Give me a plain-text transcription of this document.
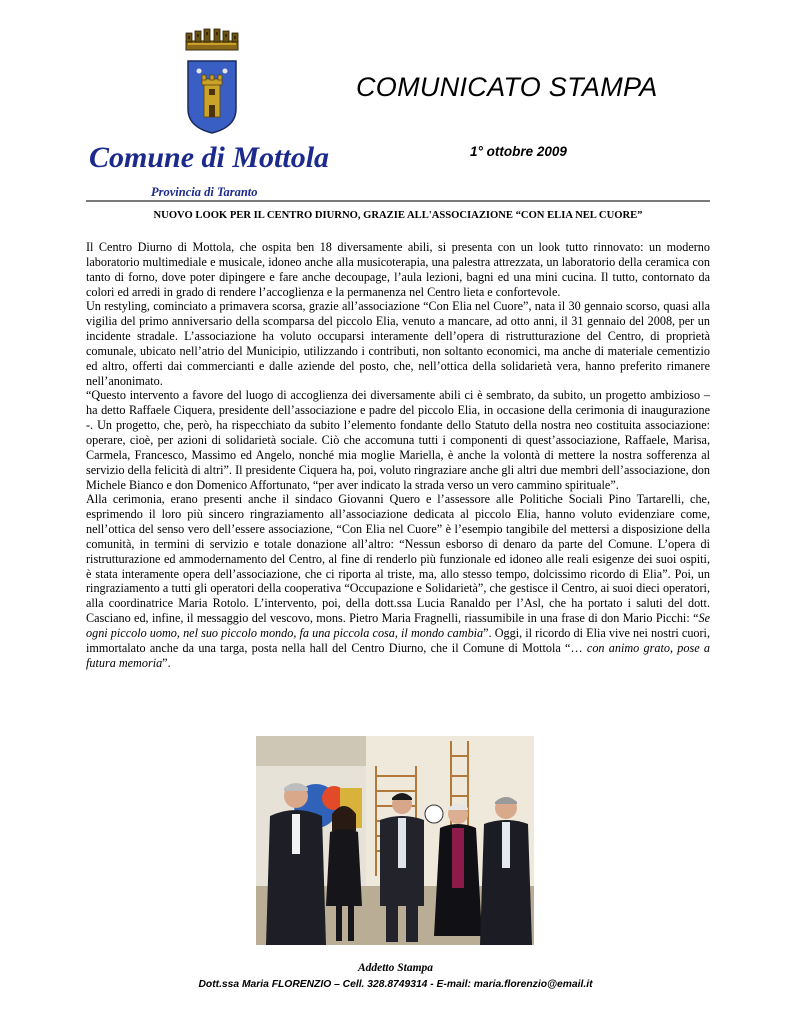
COMUNICATO STAMPA
1° ottobre 2009
Comune di Mottola
Provincia di Taranto
NUOVO LOOK PER IL CENTRO DIURNO, GRAZIE ALL'ASSOCIAZIONE “CON ELIA NEL CUORE”

Il Centro Diurno di Mottola, che ospita ben 18 diversamente abili, si presenta con un look tutto rinnovato: un moderno laboratorio multimediale e musicale, idoneo anche alla musicoterapia, una palestra attrezzata, un laboratorio della ceramica con tanto di forno, dove poter dipingere e fare anche decoupage, l’aula lezioni, bagni ed una mini cucina. Il tutto, contornato da colori ed arredi in grado di rendere l’accoglienza e la permanenza nel Centro lieta e confortevole.

Un restyling, cominciato a primavera scorsa, grazie all’associazione “Con Elia nel Cuore”, nata il 30 gennaio scorso, quasi alla vigilia del primo anniversario della scomparsa del piccolo Elia, venuto a mancare, ad otto anni, il 31 gennaio del 2008, per un incidente stradale. L’associazione ha voluto occuparsi interamente dell’opera di ristrutturazione del Centro, di proprietà comunale, ubicato nell’atrio del Municipio, utilizzando i contributi, non soltanto economici, ma anche di materiale cementizio ed altro, offerti dai commercianti e dalle aziende del posto, che, nell’ottica della solidarietà vera, hanno preferito rimanere nell’anonimato.

“Questo intervento a favore del luogo di accoglienza dei diversamente abili ci è sembrato, da subito, un progetto ambizioso – ha detto Raffaele Ciquera, presidente dell’associazione e padre del piccolo Elia, in occasione della cerimonia di inaugurazione -. Un progetto, che, però, ha rispecchiato da subito l’elemento fondante dello Statuto della nostra neo costituita associazione: operare, cioè, per azioni di solidarietà sociale. Ciò che accomuna tutti i componenti di quest’associazione, Raffaele, Marisa, Carmela, Francesco, Massimo ed Angelo, nonché mia moglie Mariella, è anche la volontà di mettere la nostra sofferenza al servizio della felicità di altri”. Il presidente Ciquera ha, poi, voluto ringraziare anche gli altri due membri dell’associazione, don Michele Bianco e don Domenico Affortunato, “per aver indicato la strada verso un vero cammino spirituale”.

Alla cerimonia, erano presenti anche il sindaco Giovanni Quero e l’assessore alle Politiche Sociali Pino Tartarelli, che, esprimendo il loro più sincero ringraziamento all’associazione dedicata al piccolo Elia, hanno voluto evidenziare come, nell’ottica del senso vero dell’essere associazione, “Con Elia nel Cuore” è l’esempio tangibile del mettersi a disposizione della comunità, in termini di servizio e totale donazione all’altro: “Nessun esborso di denaro da parte del Comune. L’opera di ristrutturazione ed ammodernamento del Centro, al fine di renderlo più funzionale ed idoneo alle reali esigenze dei suoi ospiti, è stata interamente opera dell’associazione, che ci riporta al triste, ma, allo stesso tempo, dolcissimo ricordo di Elia”. Poi, un ringraziamento a tutti gli operatori della cooperativa “Occupazione e Solidarietà”, che gestisce il Centro, ai suoi dieci operatori, alla coordinatrice Maria Rotolo. L’intervento, poi, della dott.ssa Lucia Ranaldo per l’Asl, che ha portato i saluti del dott. Casciano ed, infine, il messaggio del vescovo, mons. Pietro Maria Fragnelli, riassumibile in una frase di don Mario Picchi: “Se ogni piccolo uomo, nel suo piccolo mondo, fa una piccola cosa, il mondo cambia”. Oggi, il ricordo di Elia vive nei nostri cuori, immortalato anche da una targa, posta nella hall del Centro Diurno, che il Comune di Mottola “… con animo grato, pose a futura memoria”.

Addetto Stampa
Dott.ssa Maria FLORENZIO – Cell. 328.8749314 - E-mail: maria.florenzio@email.it
